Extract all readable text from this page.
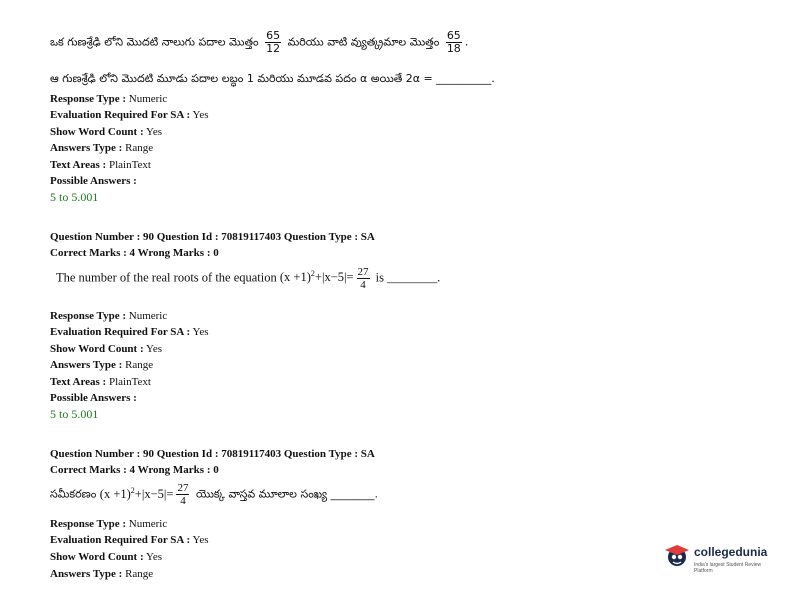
ఒక గుణశ్రేఢి లోని మొదటి నాలుగు పదాల మొత్తం $\frac{65}{12}$ మరియు వాటి వ్యుత్క్రమాల మొత్తం $\frac{65}{18}$ .
ఆ గుణశ్రేఢి లోని మొదటి మూడు పదాల లబ్ధం 1 మరియు మూడవ పదం α అయితే 2α = __________.
Response Type : Numeric
Evaluation Required For SA : Yes
Show Word Count : Yes
Answers Type : Range
Text Areas : PlainText
Possible Answers :
5 to 5.001
Question Number : 90 Question Id : 70819117403 Question Type : SA
Correct Marks : 4 Wrong Marks : 0
The number of the real roots of the equation $(x +1)^2+|x-5|= \frac{27}{4}$ is ________.
Response Type : Numeric
Evaluation Required For SA : Yes
Show Word Count : Yes
Answers Type : Range
Text Areas : PlainText
Possible Answers :
5 to 5.001
Question Number : 90 Question Id : 70819117403 Question Type : SA
Correct Marks : 4 Wrong Marks : 0
సమీకరణం $(x +1)^2+|x-5|= \frac{27}{4}$ యొక్క వాస్తవ మూలాల సంఖ్య ________.
Response Type : Numeric
Evaluation Required For SA : Yes
Show Word Count : Yes
Answers Type : Range
collegedunia
India's largest Student Review Platform
